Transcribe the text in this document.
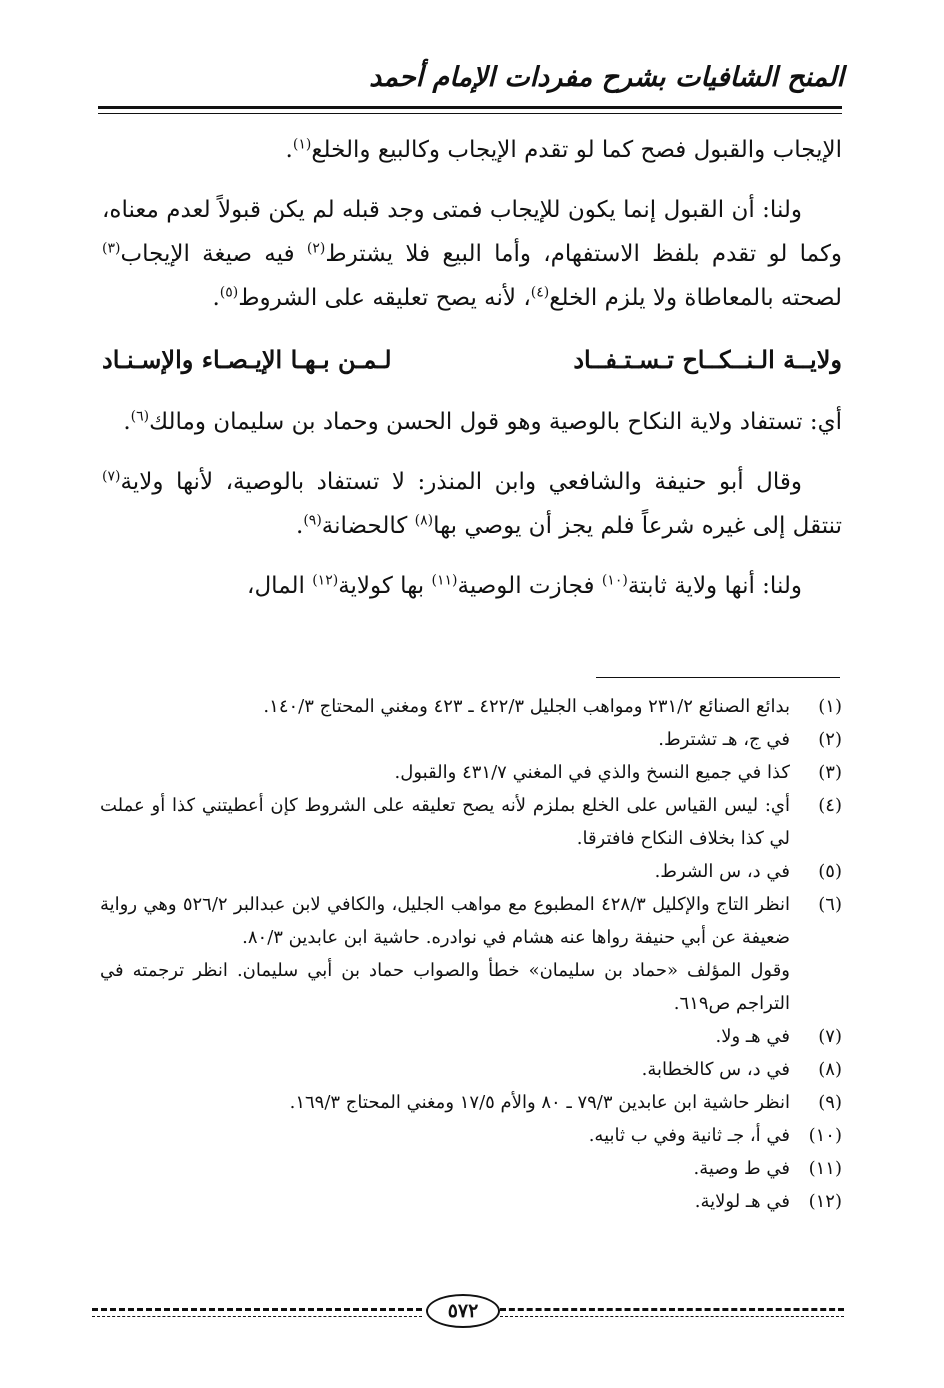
المنح الشافيات بشرح مفردات الإمام أحمد

الإيجاب والقبول فصح كما لو تقدم الإيجاب وكالبيع والخلع$^{(١)}$.

ولنا: أن القبول إنما يكون للإيجاب فمتى وجد قبله لم يكن قبولاً لعدم معناه، وكما لو تقدم بلفظ الاستفهام، وأما البيع فلا يشترط$^{(٢)}$ فيه صيغة الإيجاب$^{(٣)}$ لصحته بالمعاطاة ولا يلزم الخلع$^{(٤)}$، لأنه يصح تعليقه على الشروط$^{(٥)}$.

ولايــة الـنــكــاح تـسـتـفــاد
لـمـن بـهـا الإيـصـاء والإسـنـاد

أي: تستفاد ولاية النكاح بالوصية وهو قول الحسن وحماد بن سليمان ومالك$^{(٦)}$.

وقال أبو حنيفة والشافعي وابن المنذر: لا تستفاد بالوصية، لأنها ولاية$^{(٧)}$ تنتقل إلى غيره شرعاً فلم يجز أن يوصي بها$^{(٨)}$ كالحضانة$^{(٩)}$.

ولنا: أنها ولاية ثابتة$^{(١٠)}$ فجازت الوصية$^{(١١)}$ بها كولاية$^{(١٢)}$ المال،

(١)
بدائع الصنائع ٢٣١/٢ ومواهب الجليل ٤٢٢/٣ ـ ٤٢٣ ومغني المحتاج ١٤٠/٣.
(٢)
في ج، هـ تشترط.
(٣)
كذا في جميع النسخ والذي في المغني ٤٣١/٧ والقبول.
(٤)
أي: ليس القياس على الخلع بملزم لأنه يصح تعليقه على الشروط كإن أعطيتني كذا أو عملت لي كذا بخلاف النكاح فافترقا.
(٥)
في د، س الشرط.
(٦)
انظر التاج والإكليل ٤٢٨/٣ المطبوع مع مواهب الجليل، والكافي لابن عبدالبر ٥٢٦/٢ وهي رواية ضعيفة عن أبي حنيفة رواها عنه هشام في نوادره. حاشية ابن عابدين ٨٠/٣.
وقول المؤلف «حماد بن سليمان» خطأ والصواب حماد بن أبي سليمان. انظر ترجمته في التراجم ص٦١٩.
(٧)
في هـ ولا.
(٨)
في د، س كالخطابة.
(٩)
انظر حاشية ابن عابدين ٧٩/٣ ـ ٨٠ والأم ١٧/٥ ومغني المحتاج ١٦٩/٣.
(١٠)
في أ، جـ ثانية وفي ب ثابيه.
(١١)
في ط وصية.
(١٢)
في هـ لولاية.
٥٧٢
